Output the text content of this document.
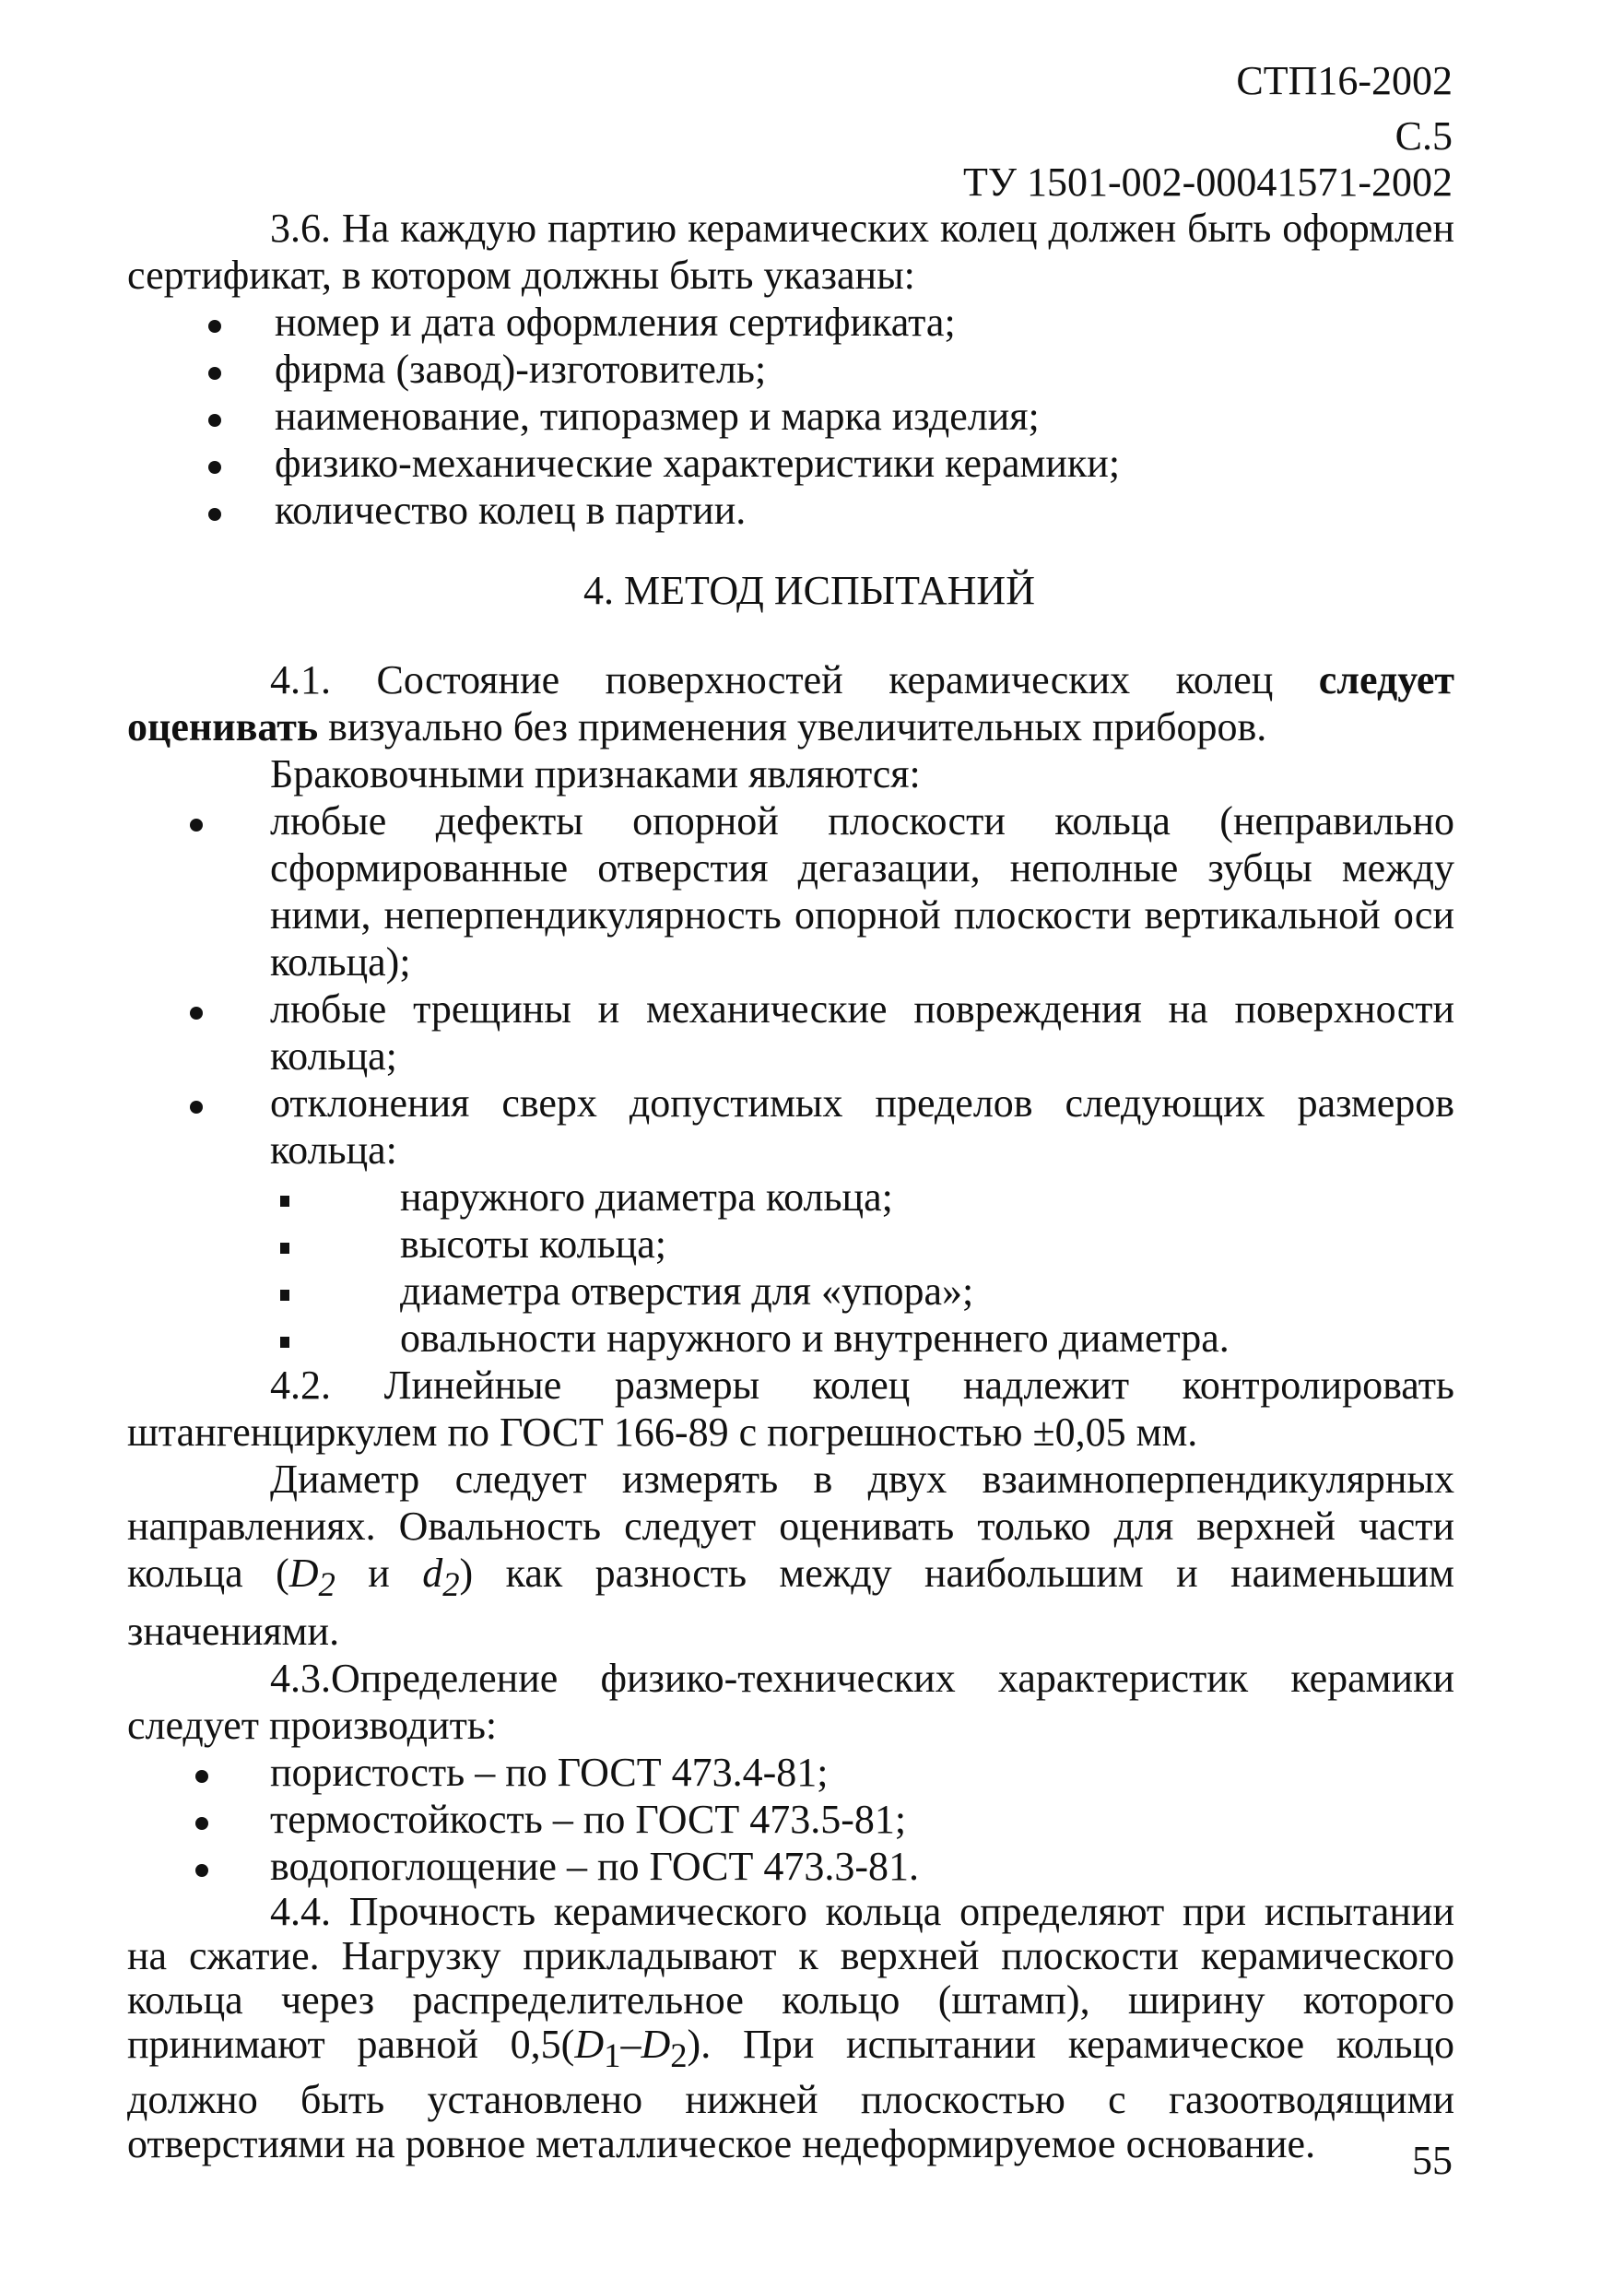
СТП16-2002
С.5
ТУ 1501-002-00041571-2002

3.6. На каждую партию керамических колец должен быть оформлен сертификат, в котором должны быть указаны:

номер и дата оформления сертификата;
фирма (завод)-изготовитель;
наименование, типоразмер и марка изделия;
физико-механические характеристики керамики;
количество колец в партии.
4. МЕТОД ИСПЫТАНИЙ

4.1. Состояние поверхностей керамических колец следует оценивать визуально без применения увеличительных приборов.

Браковочными признаками являются:

любые дефекты опорной плоскости кольца (неправильно сформированные отверстия дегазации, неполные зубцы между ними, неперпендикулярность опорной плоскости вертикальной оси кольца);
любые трещины и механические повреждения на поверхности кольца;
отклонения сверх допустимых пределов следующих размеров кольца:
наружного диаметра кольца;
высоты кольца;
диаметра отверстия для «упора»;
овальности наружного и внутреннего диаметра.

4.2. Линейные размеры колец надлежит контролировать штангенциркулем по ГОСТ 166-89 с погрешностью ±0,05 мм.

Диаметр следует измерять в двух взаимноперпендикулярных направлениях. Овальность следует оценивать только для верхней части кольца ($D_2$ и $d_2$) как разность между наибольшим и наименьшим значениями.

4.3.Определение физико-технических характеристик керамики следует производить:

пористость – по ГОСТ 473.4-81;
термостойкость – по ГОСТ 473.5-81;
водопоглощение – по ГОСТ 473.3-81.

4.4. Прочность керамического кольца определяют при испытании на сжатие. Нагрузку прикладывают к верхней плоскости керамического кольца через распределительное кольцо (штамп), ширину которого принимают равной $0,5(D_1-D_2)$. При испытании керамическое кольцо должно быть установлено нижней плоскостью с газоотводящими отверстиями на ровное металлическое недеформируемое основание.	55
